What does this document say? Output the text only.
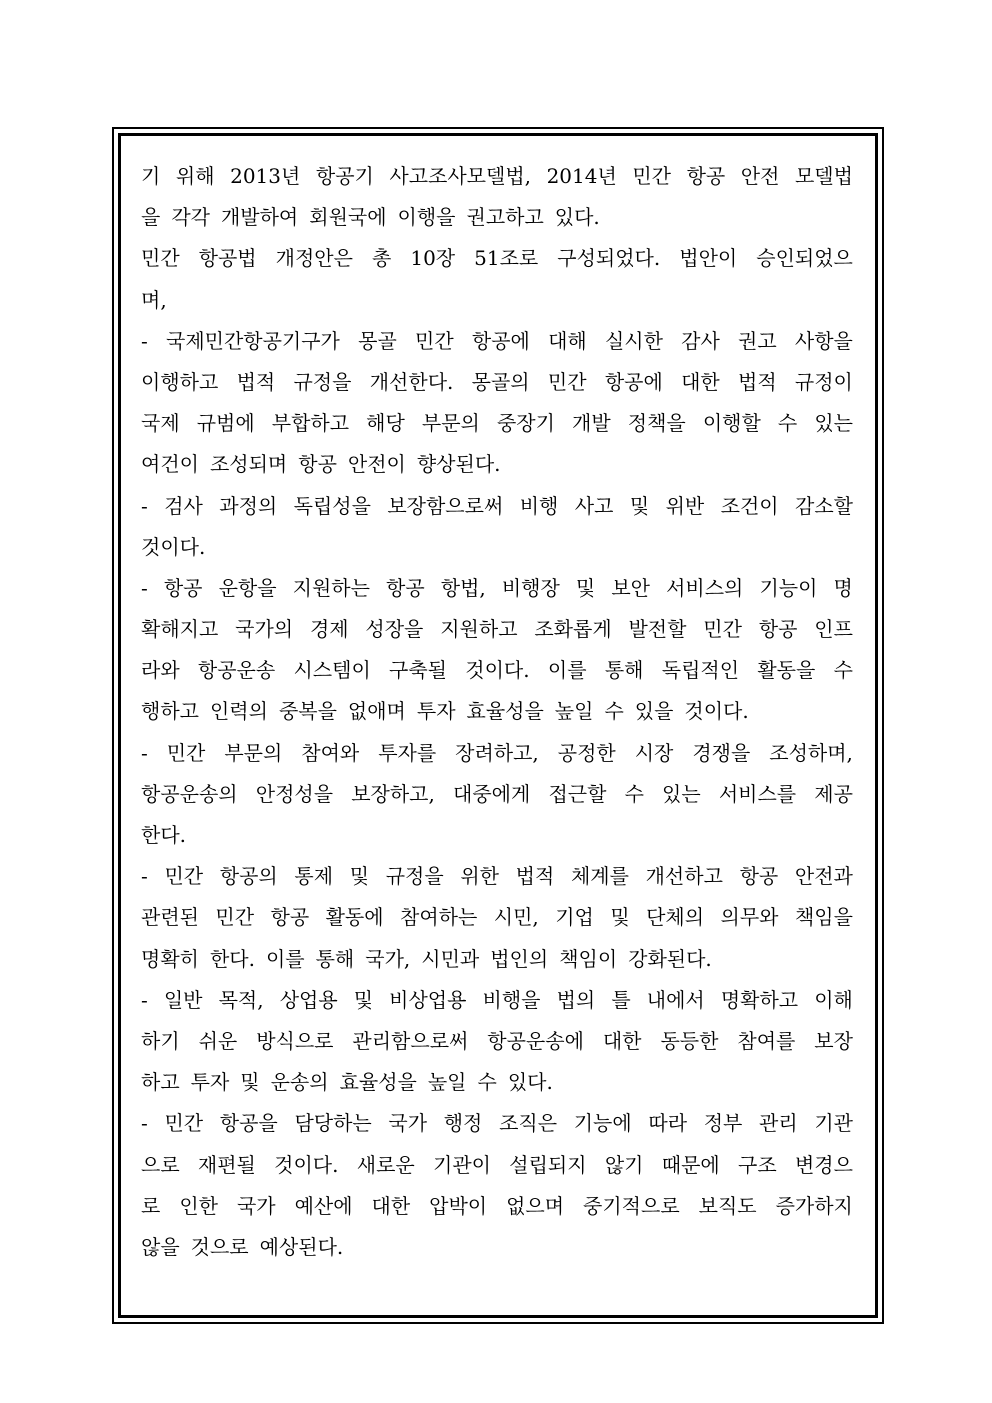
기 위해 2013년 항공기 사고조사모델법, 2014년 민간 항공 안전 모델법
을 각각 개발하여 회원국에 이행을 권고하고 있다.
민간 항공법 개정안은 총 10장 51조로 구성되었다. 법안이 승인되었으
며,
- 국제민간항공기구가 몽골 민간 항공에 대해 실시한 감사 권고 사항을
이행하고 법적 규정을 개선한다. 몽골의 민간 항공에 대한 법적 규정이
국제 규범에 부합하고 해당 부문의 중장기 개발 정책을 이행할 수 있는
여건이 조성되며 항공 안전이 향상된다.
- 검사 과정의 독립성을 보장함으로써 비행 사고 및 위반 조건이 감소할
것이다.
- 항공 운항을 지원하는 항공 항법, 비행장 및 보안 서비스의 기능이 명
확해지고 국가의 경제 성장을 지원하고 조화롭게 발전할 민간 항공 인프
라와 항공운송 시스템이 구축될 것이다. 이를 통해 독립적인 활동을 수
행하고 인력의 중복을 없애며 투자 효율성을 높일 수 있을 것이다.
- 민간 부문의 참여와 투자를 장려하고, 공정한 시장 경쟁을 조성하며,
항공운송의 안정성을 보장하고, 대중에게 접근할 수 있는 서비스를 제공
한다.
- 민간 항공의 통제 및 규정을 위한 법적 체계를 개선하고 항공 안전과
관련된 민간 항공 활동에 참여하는 시민, 기업 및 단체의 의무와 책임을
명확히 한다. 이를 통해 국가, 시민과 법인의 책임이 강화된다.
- 일반 목적, 상업용 및 비상업용 비행을 법의 틀 내에서 명확하고 이해
하기 쉬운 방식으로 관리함으로써 항공운송에 대한 동등한 참여를 보장
하고 투자 및 운송의 효율성을 높일 수 있다.
- 민간 항공을 담당하는 국가 행정 조직은 기능에 따라 정부 관리 기관
으로 재편될 것이다. 새로운 기관이 설립되지 않기 때문에 구조 변경으
로 인한 국가 예산에 대한 압박이 없으며 중기적으로 보직도 증가하지
않을 것으로 예상된다.
